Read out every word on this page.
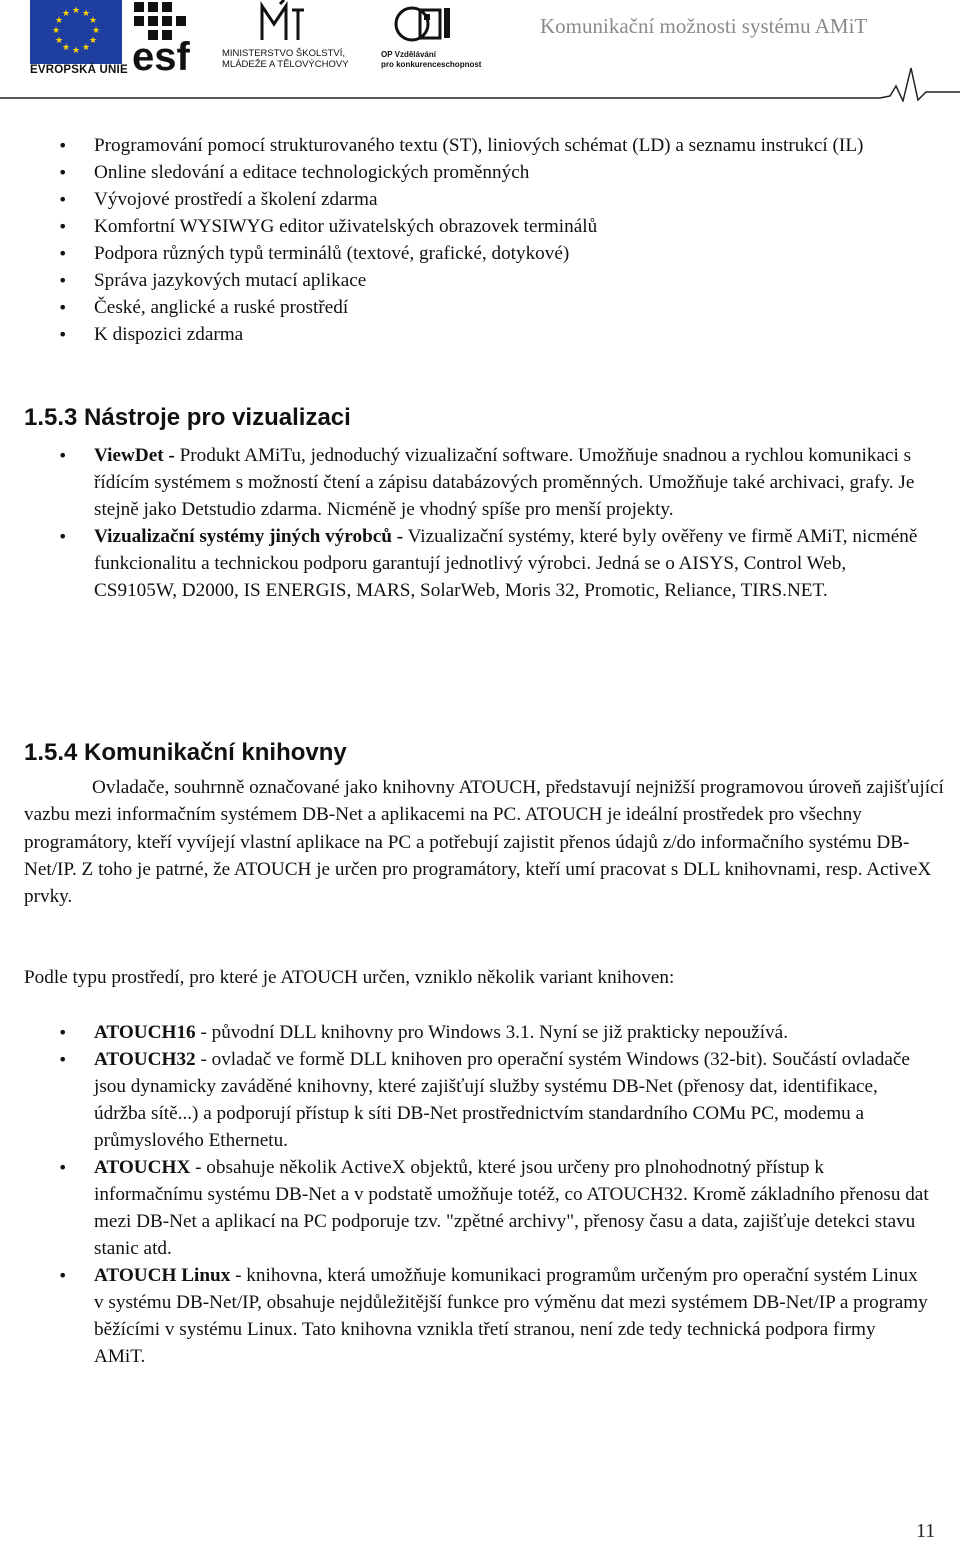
★ ★
★
★
★
★
★
★
★
★
★
★
EVROPSKÁ UNIE esf	MINISTERSTVO ŠKOLSTVÍ,
MLÁDEŽE A TĚLOVÝCHOVY
OP Vzdělávání
pro konkurenceschopnost
Komunikační možnosti systému AMiT
• Programování pomocí strukturovaného textu (ST), liniových schémat (LD) a seznamu instrukcí (IL)
• Online sledování a editace technologických proměnných
• Vývojové prostředí a školení zdarma
• Komfortní WYSIWYG editor uživatelských obrazovek terminálů
• Podpora různých typů terminálů (textové, grafické, dotykové)
• Správa jazykových mutací aplikace
• České, anglické a ruské prostředí
• K dispozici zdarma
1.5.3 Nástroje pro vizualizaci
• ViewDet - Produkt AMiTu, jednoduchý vizualizační software. Umožňuje snadnou a rychlou komunikaci s řídícím systémem s možností čtení a zápisu databázových proměnných. Umožňuje také archivaci, grafy. Je stejně jako Detstudio zdarma. Nicméně je vhodný spíše pro menší projekty.
• Vizualizační systémy jiných výrobců - Vizualizační systémy, které byly ověřeny ve firmě AMiT, nicméně funkcionalitu a technickou podporu garantují jednotlivý výrobci. Jedná se o AISYS, Control Web, CS9105W, D2000, IS ENERGIS, MARS, SolarWeb, Moris 32, Promotic, Reliance, TIRS.NET.
1.5.4 Komunikační knihovny

Ovladače, souhrnně označované jako knihovny ATOUCH, představují nejnižší programovou úroveň zajišťující vazbu mezi informačním systémem DB-Net a aplikacemi na PC. ATOUCH je ideální prostředek pro všechny programátory, kteří vyvíjejí vlastní aplikace na PC a potřebují zajistit přenos údajů z/do informačního systému DB-Net/IP. Z toho je patrné, že ATOUCH je určen pro programátory, kteří umí pracovat s DLL knihovnami, resp. ActiveX prvky.

Podle typu prostředí, pro které je ATOUCH určen, vzniklo několik variant knihoven:

• ATOUCH16 - původní DLL knihovny pro Windows 3.1. Nyní se již prakticky nepoužívá.
• ATOUCH32 - ovladač ve formě DLL knihoven pro operační systém Windows (32-bit). Součástí ovladače jsou dynamicky zaváděné knihovny, které zajišťují služby systému DB-Net (přenosy dat, identifikace, údržba sítě...) a podporují přístup k síti DB-Net prostřednictvím standardního COMu PC, modemu a průmyslového Ethernetu.
• ATOUCHX - obsahuje několik ActiveX objektů, které jsou určeny pro plnohodnotný přístup k informačnímu systému DB-Net a v podstatě umožňuje totéž, co ATOUCH32. Kromě základního přenosu dat mezi DB-Net a aplikací na PC podporuje tzv. "zpětné archivy", přenosy času a data, zajišťuje detekci stavu stanic atd.
• ATOUCH Linux - knihovna, která umožňuje komunikaci programům určeným pro operační systém Linux v systému DB-Net/IP, obsahuje nejdůležitější funkce pro výměnu dat mezi systémem DB-Net/IP a programy běžícími v systému Linux. Tato knihovna vznikla třetí stranou, není zde tedy technická podpora firmy AMiT.
11
